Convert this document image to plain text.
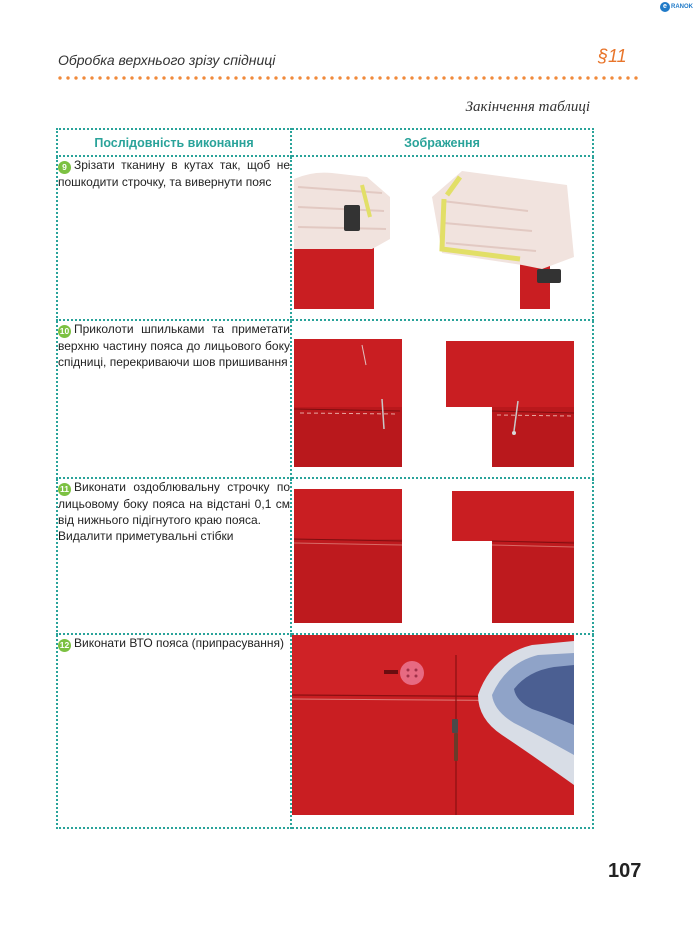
e RANOK
Обробка верхнього зрізу спідниці	§11
Закінчення таблиці
Послідовність виконання	Зображення
9 Зрізати тканину в кутах так, щоб не пошкодити строчку, та вивернути пояс	

10 Приколоти шпильками та приметати верхню частину пояса до лицьового боку спідниці, перекриваючи шов пришивання	

11 Виконати оздоблювальну строчку по лицьовому боку пояса на відстані 0,1 см від нижнього підігнутого краю пояса.
Видалити приметувальні стібки

12 Виконати ВТО пояса (припрасування)	
107
